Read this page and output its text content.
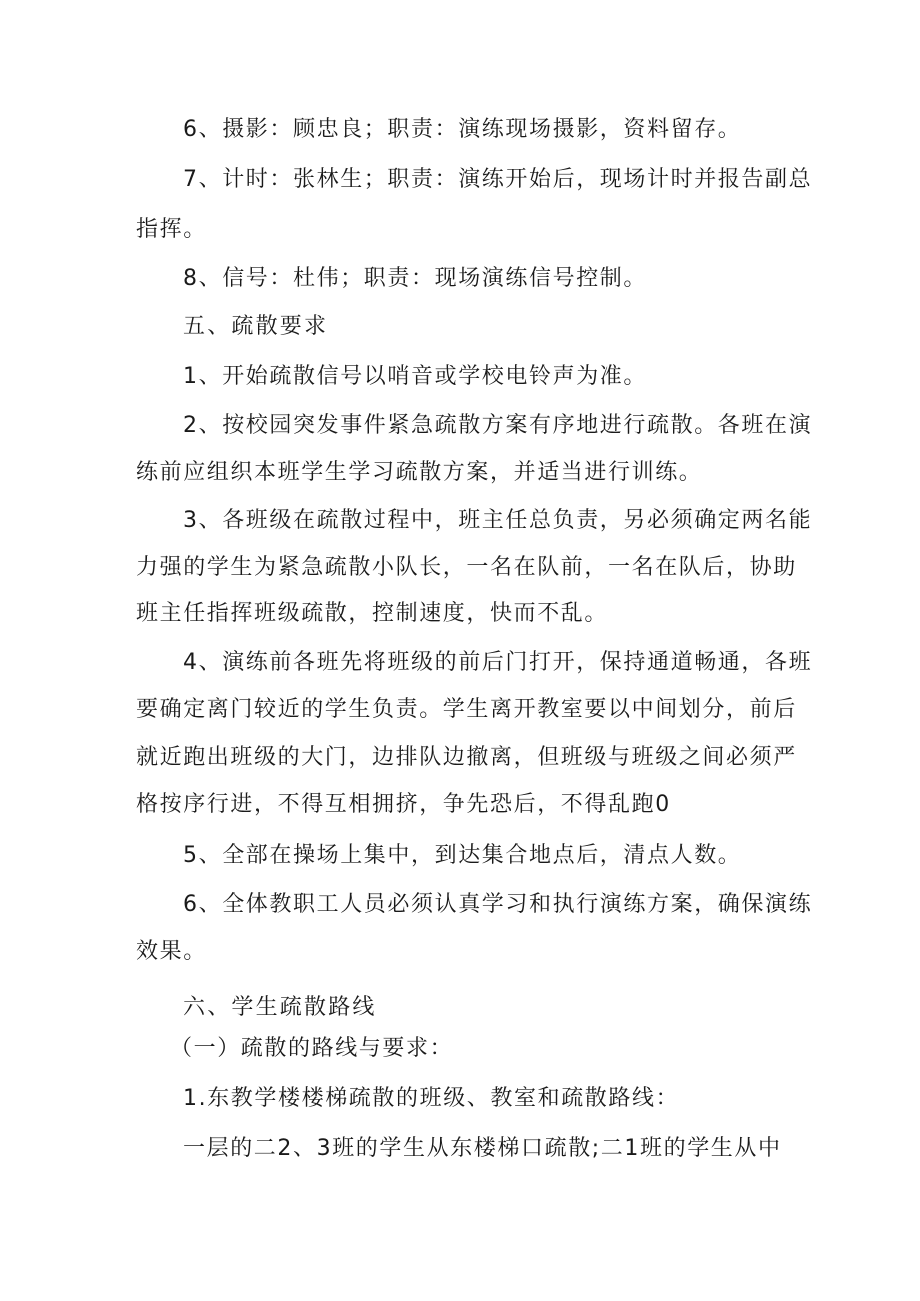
6、摄影：顾忠良；职责：演练现场摄影，资料留存。
7、计时：张林生；职责：演练开始后，现场计时并报告副总
指挥。
8、信号：杜伟；职责：现场演练信号控制。
五、疏散要求
1、开始疏散信号以哨音或学校电铃声为准。
2、按校园突发事件紧急疏散方案有序地进行疏散。各班在演
练前应组织本班学生学习疏散方案，并适当进行训练。
3、各班级在疏散过程中，班主任总负责，另必须确定两名能
力强的学生为紧急疏散小队长，一名在队前，一名在队后，协助
班主任指挥班级疏散，控制速度，快而不乱。
4、演练前各班先将班级的前后门打开，保持通道畅通，各班
要确定离门较近的学生负责。学生离开教室要以中间划分，前后
就近跑出班级的大门，边排队边撤离，但班级与班级之间必须严
格按序行进，不得互相拥挤，争先恐后，不得乱跑0
5、全部在操场上集中，到达集合地点后，清点人数。
6、全体教职工人员必须认真学习和执行演练方案，确保演练
效果。
六、学生疏散路线
（一）疏散的路线与要求：
1.东教学楼楼梯疏散的班级、教室和疏散路线：
一层的二2、3班的学生从东楼梯口疏散;二1班的学生从中
